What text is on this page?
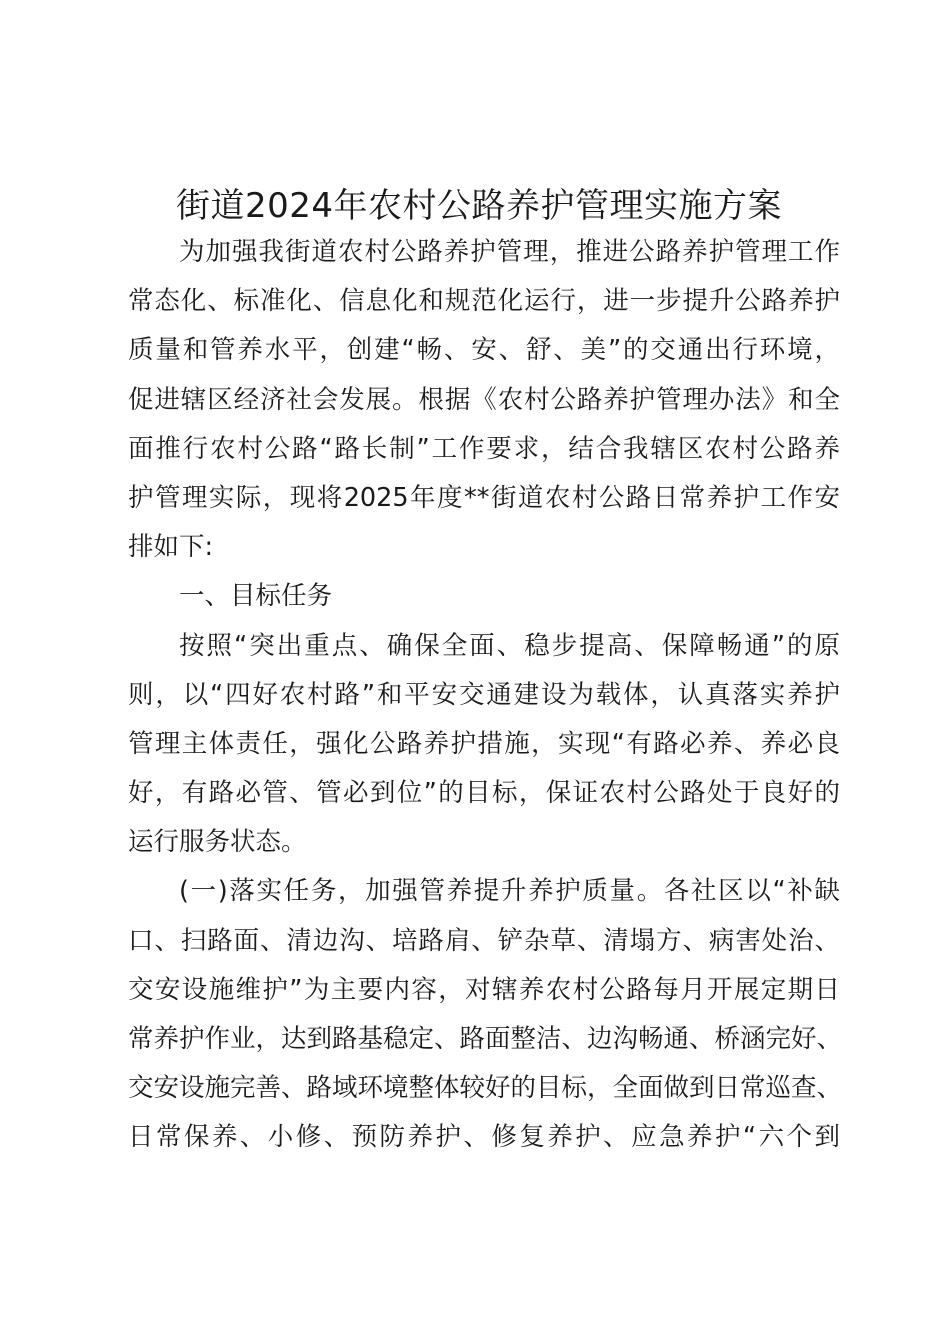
街道2024年农村公路养护管理实施方案
为加强我街道农村公路养护管理，推进公路养护管理工作
常态化、标准化、信息化和规范化运行，进一步提升公路养护
质量和管养水平，创建“畅、安、舒、美”的交通出行环境，
促进辖区经济社会发展。根据《农村公路养护管理办法》和全
面推行农村公路“路长制”工作要求，结合我辖区农村公路养
护管理实际，现将2025年度**街道农村公路日常养护工作安
排如下:
一、目标任务
按照“突出重点、确保全面、稳步提高、保障畅通”的原
则，以“四好农村路”和平安交通建设为载体，认真落实养护
管理主体责任，强化公路养护措施，实现“有路必养、养必良
好，有路必管、管必到位”的目标，保证农村公路处于良好的
运行服务状态。
(一)落实任务，加强管养提升养护质量。各社区以“补缺
口、扫路面、清边沟、培路肩、铲杂草、清塌方、病害处治、
交安设施维护”为主要内容，对辖养农村公路每月开展定期日
常养护作业，达到路基稳定、路面整洁、边沟畅通、桥涵完好、
交安设施完善、路域环境整体较好的目标，全面做到日常巡查、
日常保养、小修、预防养护、修复养护、应急养护“六个到
